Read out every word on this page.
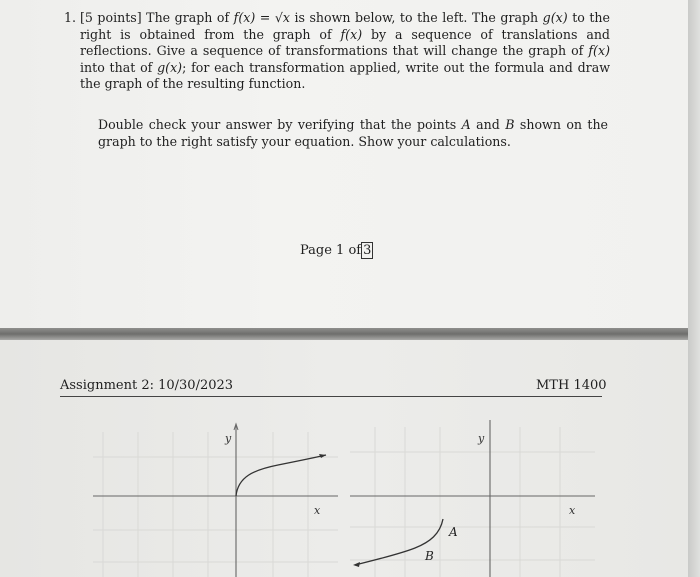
1. [5 points] The graph of f(x) = √x is shown below, to the left. The graph g(x) to the right is obtained from the graph of f(x) by a sequence of translations and reflections. Give a sequence of transformations that will change the graph of f(x) into that of g(x); for each transformation applied, write out the formula and draw the graph of the resulting function.

Double check your answer by verifying that the points A and B shown on the graph to the right satisfy your equation. Show your calculations.

Page 1 of 3
Assignment 2: 10/30/2023	MTH 1400
y
x
y
x
A
B
